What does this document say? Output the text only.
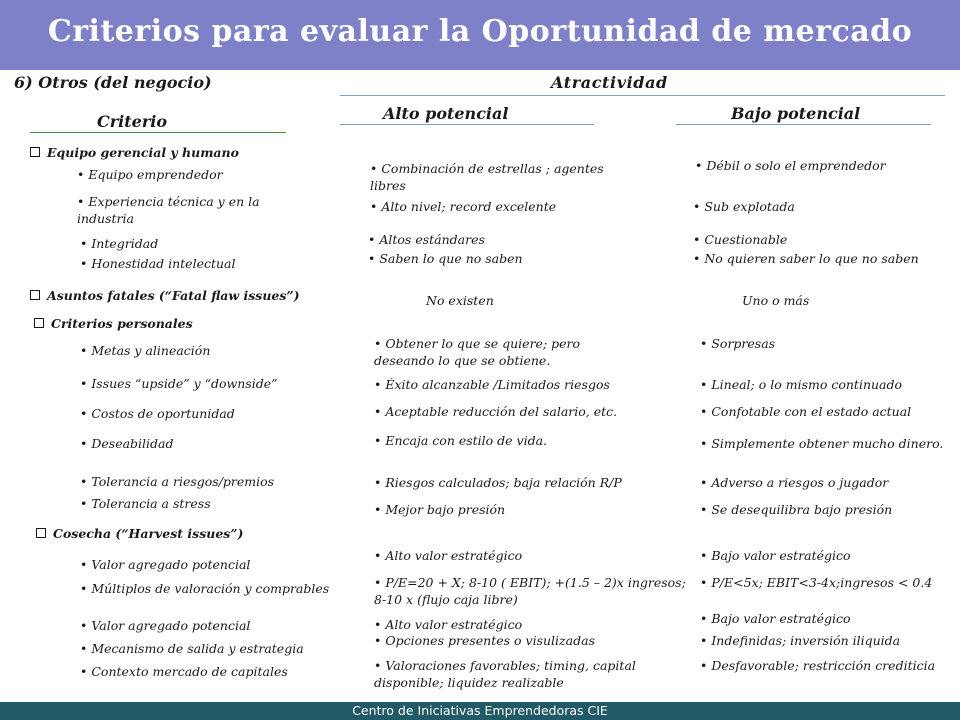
Criterios para evaluar la Oportunidad de mercado
6) Otros (del negocio)	Atractividad
Alto potencial	Bajo potencial
Criterio
Equipo gerencial y humano
Asuntos fatales (“Fatal flaw issues”)
Criterios personales
Cosecha (“Harvest issues”)
• Equipo emprendedor
• Experiencia técnica y en la industria
• Integridad
• Honestidad intelectual
• Metas y alineación
• Issues “upside” y “downside”
• Costos de oportunidad
• Deseabilidad
• Tolerancia a riesgos/premios
• Tolerancia a stress
• Valor agregado potencial
• Múltiplos de valoración y comprables
• Valor agregado potencial
• Mecanismo de salida y estrategia
• Contexto mercado de capitales
• Combinación de estrellas ; agentes libres
• Alto nivel; record excelente
• Altos estándares
• Saben lo que no saben
No existen
• Obtener lo que se quiere; pero deseando lo que se obtiene.
• Éxito alcanzable /Limitados riesgos
• Aceptable reducción del salario, etc.
• Encaja con estilo de vida.
• Riesgos calculados; baja relación R/P
• Mejor bajo presión
• Alto valor estratégico
• P/E=20 + X; 8-10 ( EBIT); +(1.5 – 2)x ingresos; 8-10 x (flujo caja libre)
• Alto valor estratégico
• Opciones presentes o visulizadas
• Valoraciones favorables; timing, capital disponible; liquidez realizable
• Débil o solo el emprendedor
• Sub explotada
• Cuestionable
• No quieren saber lo que no saben
Uno o más
• Sorpresas
• Lineal; o lo mismo continuado
• Confotable con el estado actual
• Simplemente obtener mucho dinero.
• Adverso a riesgos o jugador
• Se desequilibra bajo presión
• Bajo valor estratégico
• P/E<5x; EBIT<3-4x;ingresos < 0.4
• Bajo valor estratégico
• Indefinidas; inversión iliquida
• Desfavorable; restricción crediticia
Centro de Iniciativas Emprendedoras CIE
